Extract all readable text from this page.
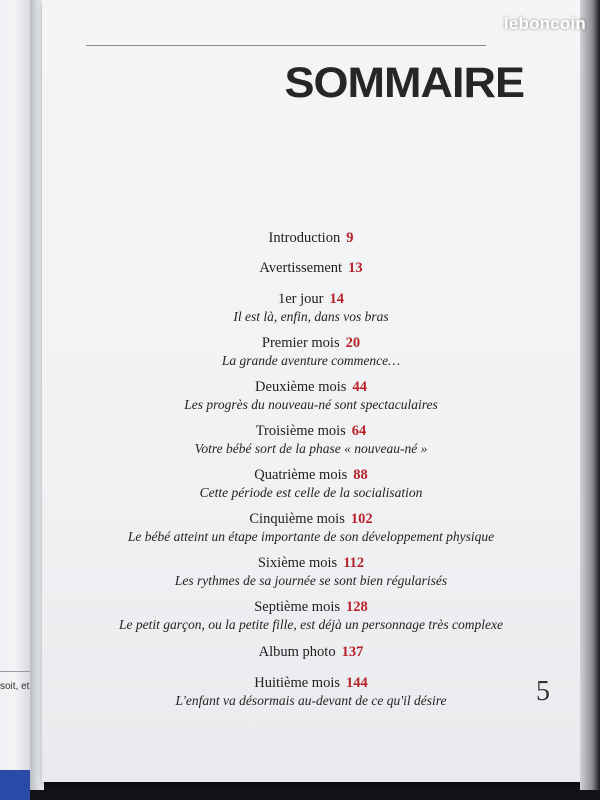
soit, et
SOMMAIRE
Introduction 9
Avertissement 13
1er jour 14
Il est là, enfin, dans vos bras
Premier mois 20
La grande aventure commence…
Deuxième mois 44
Les progrès du nouveau-né sont spectaculaires
Troisième mois 64
Votre bébé sort de la phase « nouveau-né »
Quatrième mois 88
Cette période est celle de la socialisation
Cinquième mois 102
Le bébé atteint un étape importante de son développement physique
Sixième mois 112
Les rythmes de sa journée se sont bien régularisés
Septième mois 128
Le petit garçon, ou la petite fille, est déjà un personnage très complexe
Album photo 137
Huitième mois 144
L'enfant va désormais au-devant de ce qu'il désire	5
leboncoin
